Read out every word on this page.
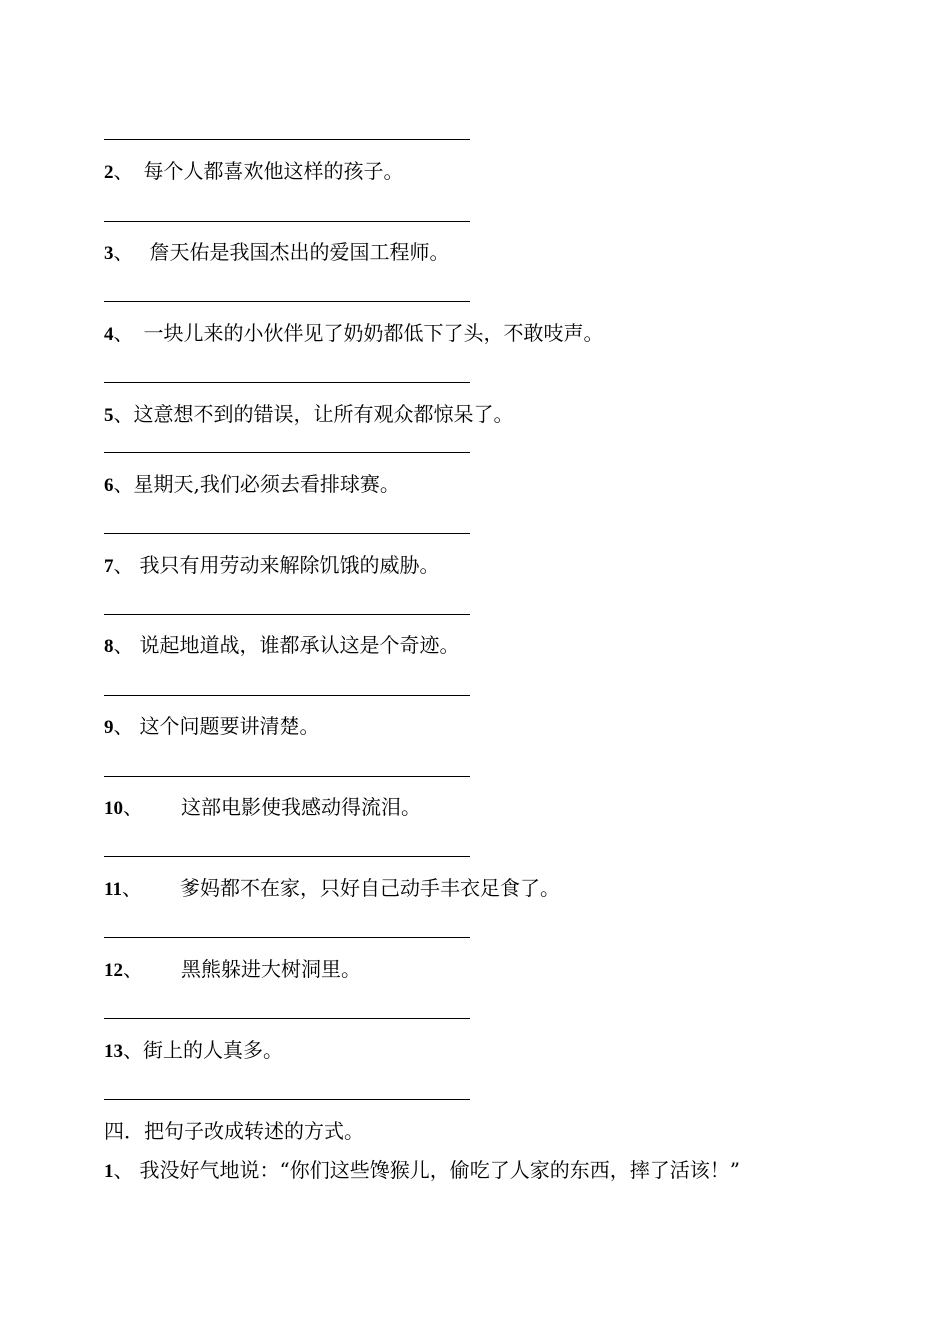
2、 每个人都喜欢他这样的孩子。
3、 詹天佑是我国杰出的爱国工程师。
4、 一块儿来的小伙伴见了奶奶都低下了头，不敢吱声。
5、这意想不到的错误，让所有观众都惊呆了。
6、星期天,我们必须去看排球赛。
7、 我只有用劳动来解除饥饿的威胁。
8、 说起地道战，谁都承认这是个奇迹。
9、 这个问题要讲清楚。
10、 这部电影使我感动得流泪。
11、 爹妈都不在家，只好自己动手丰衣足食了。
12、 黑熊躲进大树洞里。
13、街上的人真多。
四．把句子改成转述的方式。
1、 我没好气地说：“你们这些馋猴儿，偷吃了人家的东西，摔了活该！”
